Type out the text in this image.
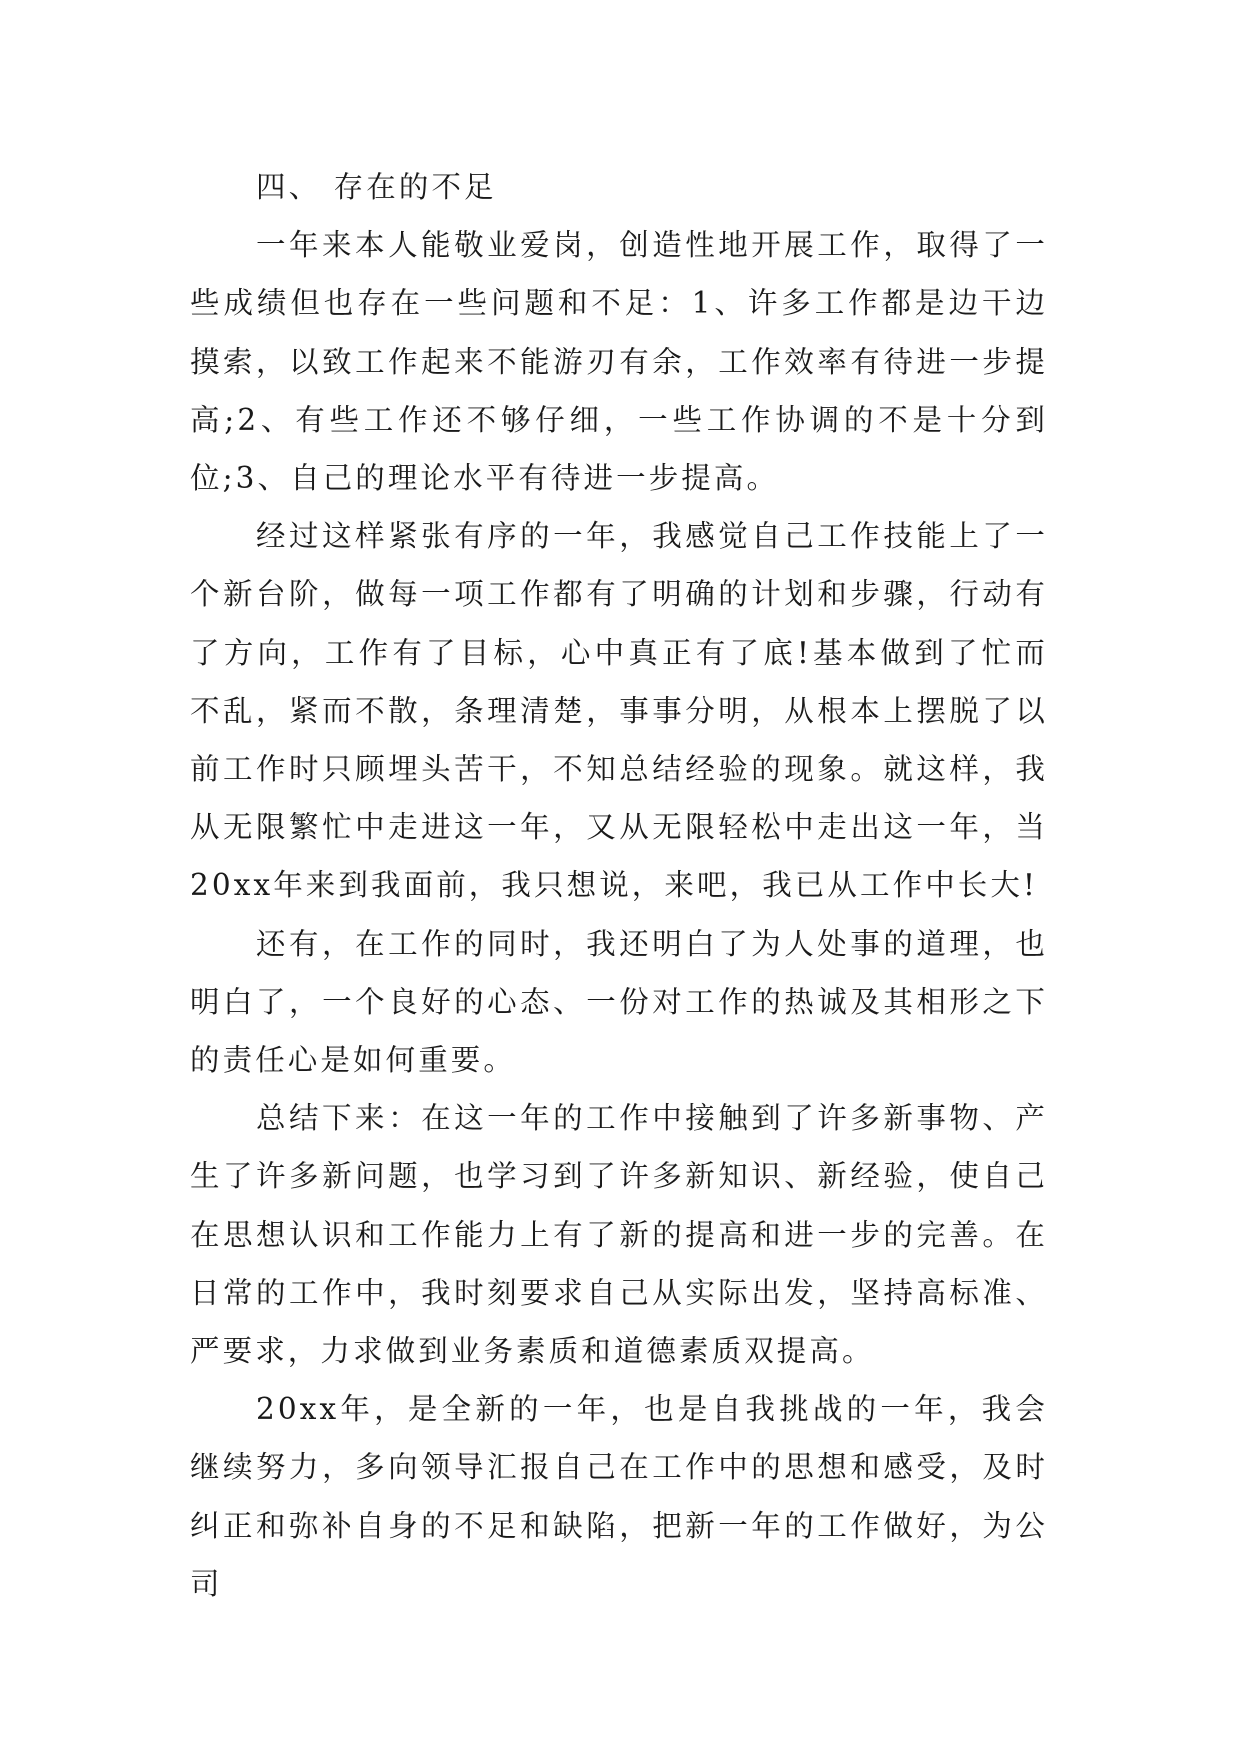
四、 存在的不足

一年来本人能敬业爱岗，创造性地开展工作，取得了一些成绩但也存在一些问题和不足：1、许多工作都是边干边摸索，以致工作起来不能游刃有余，工作效率有待进一步提高;2、有些工作还不够仔细，一些工作协调的不是十分到位;3、自己的理论水平有待进一步提高。

经过这样紧张有序的一年，我感觉自己工作技能上了一个新台阶，做每一项工作都有了明确的计划和步骤，行动有了方向，工作有了目标，心中真正有了底!基本做到了忙而不乱，紧而不散，条理清楚，事事分明，从根本上摆脱了以前工作时只顾埋头苦干，不知总结经验的现象。就这样，我从无限繁忙中走进这一年，又从无限轻松中走出这一年，当20xx年来到我面前，我只想说，来吧，我已从工作中长大!

还有，在工作的同时，我还明白了为人处事的道理，也明白了，一个良好的心态、一份对工作的热诚及其相形之下的责任心是如何重要。

总结下来：在这一年的工作中接触到了许多新事物、产生了许多新问题，也学习到了许多新知识、新经验，使自己在思想认识和工作能力上有了新的提高和进一步的完善。在日常的工作中，我时刻要求自己从实际出发，坚持高标准、严要求，力求做到业务素质和道德素质双提高。

20xx年，是全新的一年，也是自我挑战的一年，我会继续努力，多向领导汇报自己在工作中的思想和感受，及时纠正和弥补自身的不足和缺陷，把新一年的工作做好，为公司
